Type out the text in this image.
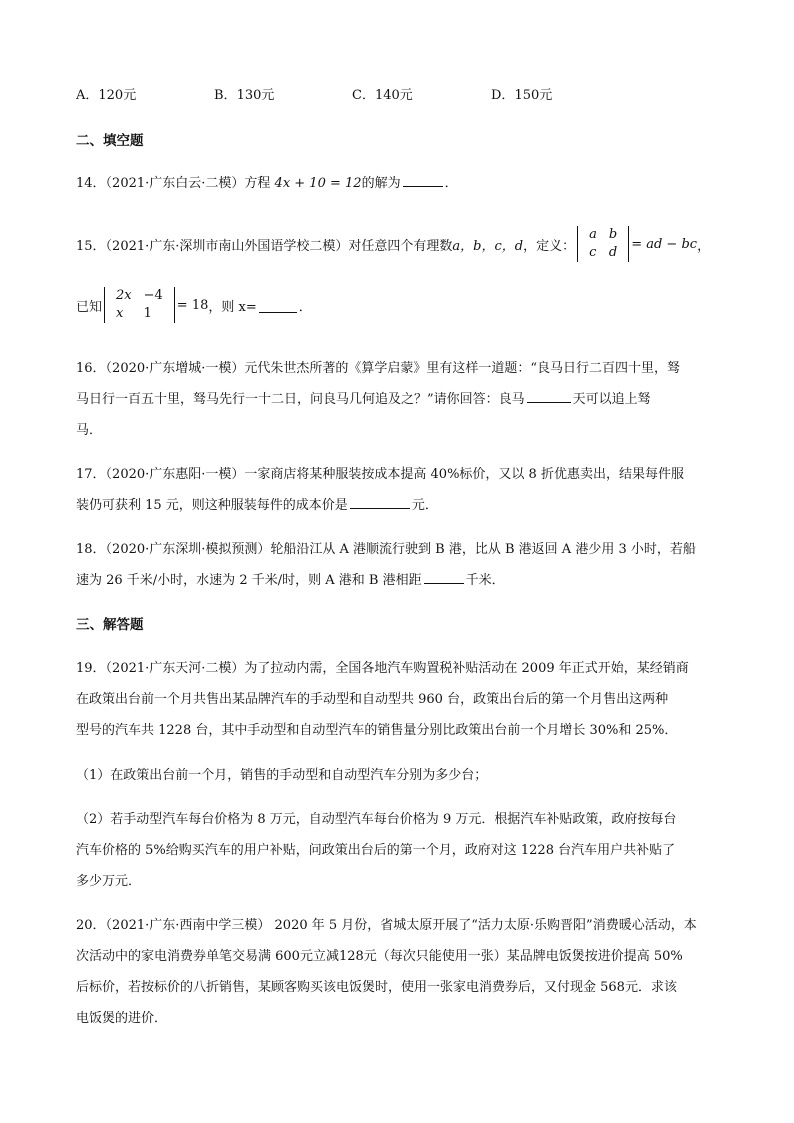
A．120元	B．130元	C．140元	D．150元
二、填空题
14．（2021·广东白云·二模）方程 4x + 10 = 12的解为	．
15．（2021·广东·深圳市南山外国语学校二模）对任意四个有理数 a，b，c，d ，定义：
a	b
c	d
= ad − bc ，
已知
2x	−4
x	1
= 18 ，则 x=	．
16．（2020·广东增城·一模）元代朱世杰所著的《算学启蒙》里有这样一道题：“良马日行二百四十里，驽
马日行一百五十里，驽马先行一十二日，问良马几何追及之？”请你回答：良马	天可以追上驽
马．
17．（2020·广东惠阳·一模）一家商店将某种服装按成本提高 40%标价，又以 8 折优惠卖出，结果每件服
装仍可获利 15 元，则这种服装每件的成本价是	元．
18．（2020·广东深圳·模拟预测）轮船沿江从 A 港顺流行驶到 B 港，比从 B 港返回 A 港少用 3 小时，若船
速为 26 千米/小时，水速为 2 千米/时，则 A 港和 B 港相距	千米．
三、解答题
19．（2021·广东天河·二模）为了拉动内需，全国各地汽车购置税补贴活动在 2009 年正式开始，某经销商
在政策出台前一个月共售出某品牌汽车的手动型和自动型共 960 台，政策出台后的第一个月售出这两种
型号的汽车共 1228 台，其中手动型和自动型汽车的销售量分别比政策出台前一个月增长 30%和 25%．
（1）在政策出台前一个月，销售的手动型和自动型汽车分别为多少台；
（2）若手动型汽车每台价格为 8 万元，自动型汽车每台价格为 9 万元．根据汽车补贴政策，政府按每台
汽车价格的 5%给购买汽车的用户补贴，问政策出台后的第一个月，政府对这 1228 台汽车用户共补贴了
多少万元．
20．（2021·广东·西南中学三模） 2020 年 5 月份，省城太原开展了“活力太原·乐购晋阳”消费暖心活动，本
次活动中的家电消费券单笔交易满 600元立减128元（每次只能使用一张）某品牌电饭煲按进价提高 50%
后标价，若按标价的八折销售，某顾客购买该电饭煲时，使用一张家电消费券后，又付现金 568元．求该
电饭煲的进价．
